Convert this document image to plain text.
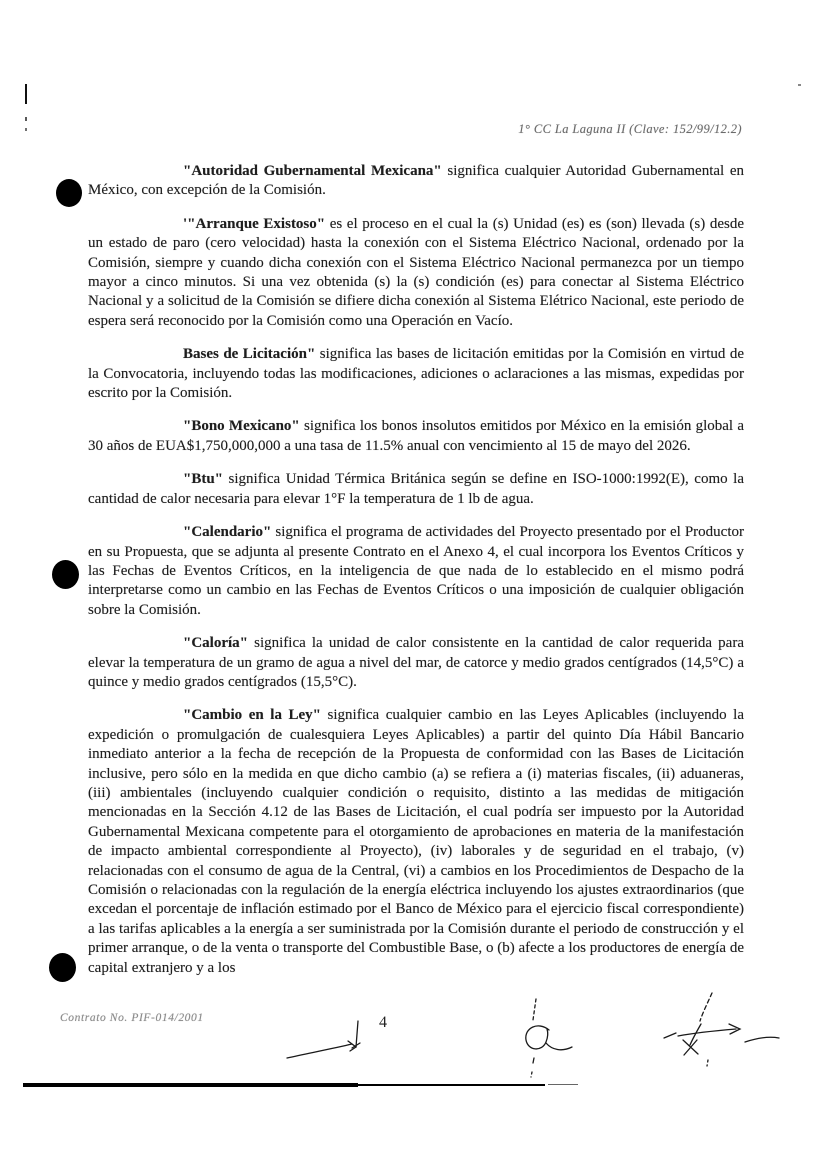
1° CC La Laguna II (Clave: 152/99/12.2)

"Autoridad Gubernamental Mexicana" significa cualquier Autoridad Gubernamental en México, con excepción de la Comisión.

'"Arranque Existoso" es el proceso en el cual la (s) Unidad (es) es (son) llevada (s) desde un estado de paro (cero velocidad) hasta la conexión con el Sistema Eléctrico Nacional, ordenado por la Comisión, siempre y cuando dicha conexión con el Sistema Eléctrico Nacional permanezca por un tiempo mayor a cinco minutos. Si una vez obtenida (s) la (s) condición (es) para conectar al Sistema Eléctrico Nacional y a solicitud de la Comisión se difiere dicha conexión al Sistema Elétrico Nacional, este periodo de espera será reconocido por la Comisión como una Operación en Vacío.

Bases de Licitación" significa las bases de licitación emitidas por la Comisión en virtud de la Convocatoria, incluyendo todas las modificaciones, adiciones o aclaraciones a las mismas, expedidas por escrito por la Comisión.

"Bono Mexicano" significa los bonos insolutos emitidos por México en la emisión global a 30 años de EUA$1,750,000,000 a una tasa de 11.5% anual con vencimiento al 15 de mayo del 2026.

"Btu" significa Unidad Térmica Británica según se define en ISO-1000:1992(E), como la cantidad de calor necesaria para elevar 1°F la temperatura de 1 lb de agua.

"Calendario" significa el programa de actividades del Proyecto presentado por el Productor en su Propuesta, que se adjunta al presente Contrato en el Anexo 4, el cual incorpora los Eventos Críticos y las Fechas de Eventos Críticos, en la inteligencia de que nada de lo establecido en el mismo podrá interpretarse como un cambio en las Fechas de Eventos Críticos o una imposición de cualquier obligación sobre la Comisión.

"Caloría" significa la unidad de calor consistente en la cantidad de calor requerida para elevar la temperatura de un gramo de agua a nivel del mar, de catorce y medio grados centígrados (14,5°C) a quince y medio grados centígrados (15,5°C).

"Cambio en la Ley" significa cualquier cambio en las Leyes Aplicables (incluyendo la expedición o promulgación de cualesquiera Leyes Aplicables) a partir del quinto Día Hábil Bancario inmediato anterior a la fecha de recepción de la Propuesta de conformidad con las Bases de Licitación inclusive, pero sólo en la medida en que dicho cambio (a) se refiera a (i) materias fiscales, (ii) aduaneras, (iii) ambientales (incluyendo cualquier condición o requisito, distinto a las medidas de mitigación mencionadas en la Sección 4.12 de las Bases de Licitación, el cual podría ser impuesto por la Autoridad Gubernamental Mexicana competente para el otorgamiento de aprobaciones en materia de la manifestación de impacto ambiental correspondiente al Proyecto), (iv) laborales y de seguridad en el trabajo, (v) relacionadas con el consumo de agua de la Central, (vi) a cambios en los Procedimientos de Despacho de la Comisión o relacionadas con la regulación de la energía eléctrica incluyendo los ajustes extraordinarios (que excedan el porcentaje de inflación estimado por el Banco de México para el ejercicio fiscal correspondiente) a las tarifas aplicables a la energía a ser suministrada por la Comisión durante el periodo de construcción y el primer arranque, o de la venta o transporte del Combustible Base, o (b) afecte a los productores de energía de capital extranjero y a los

Contrato No. PIF-014/2001	4
